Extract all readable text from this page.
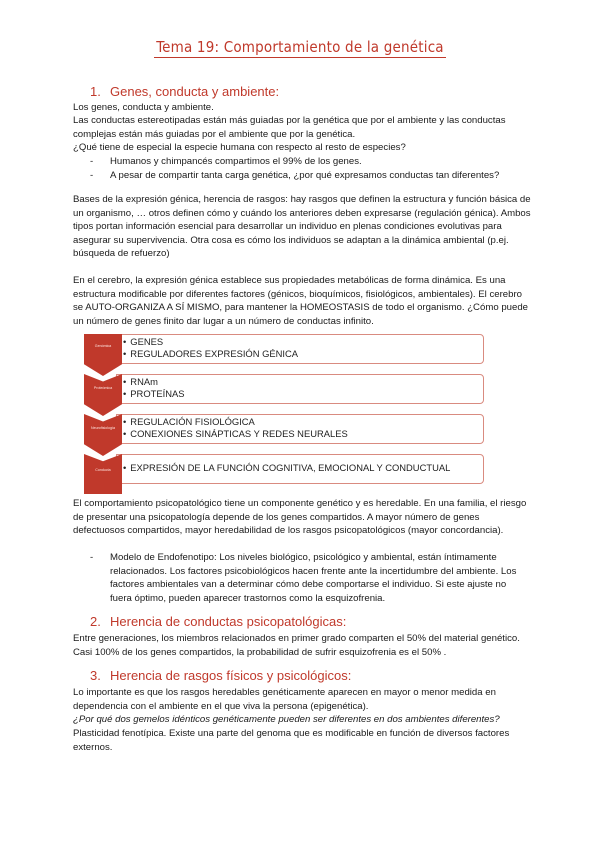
Tema 19: Comportamiento de la genética
1. Genes, conducta y ambiente:

Los genes, conducta y ambiente.

Las conductas estereotipadas están más guiadas por la genética que por el ambiente y las conductas complejas están más guiadas por el ambiente que por la genética.

¿Qué tiene de especial la especie humana con respecto al resto de especies?

- Humanos y chimpancés compartimos el 99% de los genes.
- A pesar de compartir tanta carga genética, ¿por qué expresamos conductas tan diferentes?

Bases de la expresión génica, herencia de rasgos: hay rasgos que definen la estructura y función básica de un organismo, … otros definen cómo y cuándo los anteriores deben expresarse (regulación génica). Ambos tipos portan información esencial para desarrollar un individuo en plenas condiciones evolutivas para asegurar su supervivencia. Otra cosa es cómo los individuos se adaptan a la dinámica ambiental (p.ej. búsqueda de refuerzo)

En el cerebro, la expresión génica establece sus propiedades metabólicas de forma dinámica. Es una estructura modificable por diferentes factores (génicos, bioquímicos, fisiológicos, ambientales). El cerebro se AUTO-ORGANIZA A SÍ MISMO, para mantener la HOMEOSTASIS de todo el organismo. ¿Cómo puede un número de genes finito dar lugar a un número de conductas infinito.

• GENES
• REGULADORES EXPRESIÓN GÉNICA
Genómica
• RNAm
• PROTEÍNAS
Proteómica
• REGULACIÓN FISIOLÓGICA
• CONEXIONES SINÁPTICAS Y REDES NEURALES
Neurofisiología
• EXPRESIÓN DE LA FUNCIÓN COGNITIVA, EMOCIONAL Y CONDUCTUAL
Conducta

El comportamiento psicopatológico tiene un componente genético y es heredable. En una familia, el riesgo de presentar una psicopatología depende de los genes compartidos. A mayor número de genes defectuosos compartidos, mayor heredabilidad de los rasgos psicopatológicos (mayor concordancia).

- Modelo de Endofenotipo: Los niveles biológico, psicológico y ambiental, están íntimamente relacionados. Los factores psicobiológicos hacen frente ante la incertidumbre del ambiente. Los factores ambientales van a determinar cómo debe comportarse el individuo. Si este ajuste no fuera óptimo, pueden aparecer trastornos como la esquizofrenia.
2. Herencia de conductas psicopatológicas:

Entre generaciones, los miembros relacionados en primer grado comparten el 50% del material genético. Casi 100% de los genes compartidos, la probabilidad de sufrir esquizofrenia es el 50% .

3. Herencia de rasgos físicos y psicológicos:

Lo importante es que los rasgos heredables genéticamente aparecen en mayor o menor medida en dependencia con el ambiente en el que viva la persona (epigenética).

¿Por qué dos gemelos idénticos genéticamente pueden ser diferentes en dos ambientes diferentes?

Plasticidad fenotípica. Existe una parte del genoma que es modificable en función de diversos factores externos.
